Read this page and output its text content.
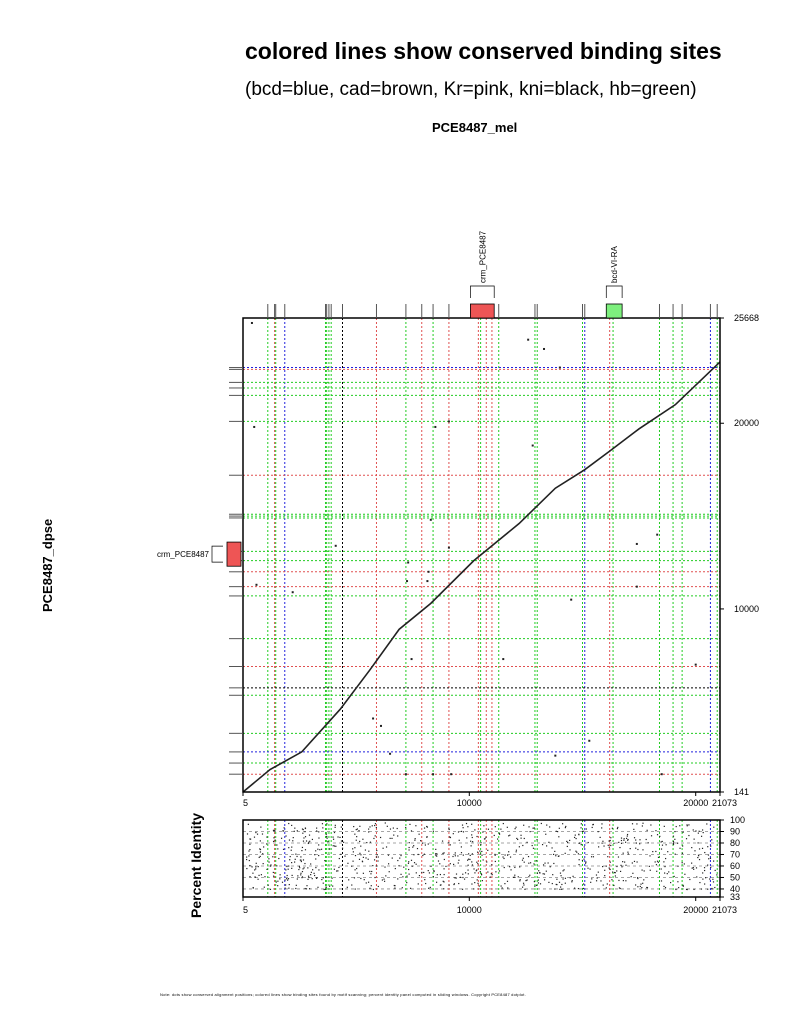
colored lines show conserved binding sites
(bcd=blue, cad=brown, Kr=pink, kni=black, hb=green)
PCE8487_mel
PCE8487_dpse
Percent Identity
crm_PCE8487	bcd-VI-RA
crm_PCE8487
5	10000	20000 21073
141
10000
20000
25668
33
40
50
60
70
80
90
100
5	10000	20000 21073
Note: dots show conserved alignment positions; colored lines show binding sites found by motif scanning; percent identity panel computed in sliding windows. Copyright PCE8487 dotplot.
